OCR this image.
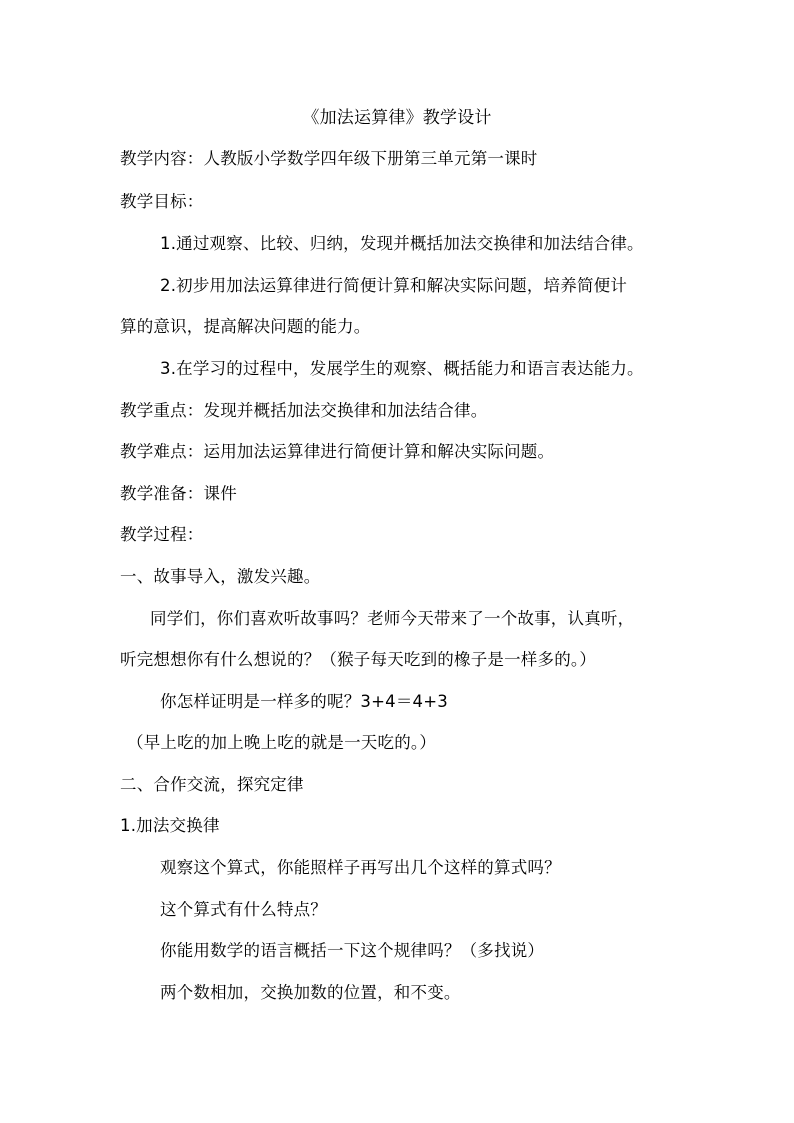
《加法运算律》教学设计
教学内容：人教版小学数学四年级下册第三单元第一课时
教学目标：
1.通过观察、比较、归纳，发现并概括加法交换律和加法结合律。
2.初步用加法运算律进行简便计算和解决实际问题，培养简便计
算的意识，提高解决问题的能力。
3.在学习的过程中，发展学生的观察、概括能力和语言表达能力。
教学重点：发现并概括加法交换律和加法结合律。
教学难点：运用加法运算律进行简便计算和解决实际问题。
教学准备：课件
教学过程：
一、故事导入，激发兴趣。
同学们，你们喜欢听故事吗？老师今天带来了一个故事，认真听，
听完想想你有什么想说的？（猴子每天吃到的橡子是一样多的。）
你怎样证明是一样多的呢？3+4＝4+3
（早上吃的加上晚上吃的就是一天吃的。）
二、合作交流，探究定律
1.加法交换律
观察这个算式，你能照样子再写出几个这样的算式吗？
这个算式有什么特点？
你能用数学的语言概括一下这个规律吗？（多找说）
两个数相加，交换加数的位置，和不变。
